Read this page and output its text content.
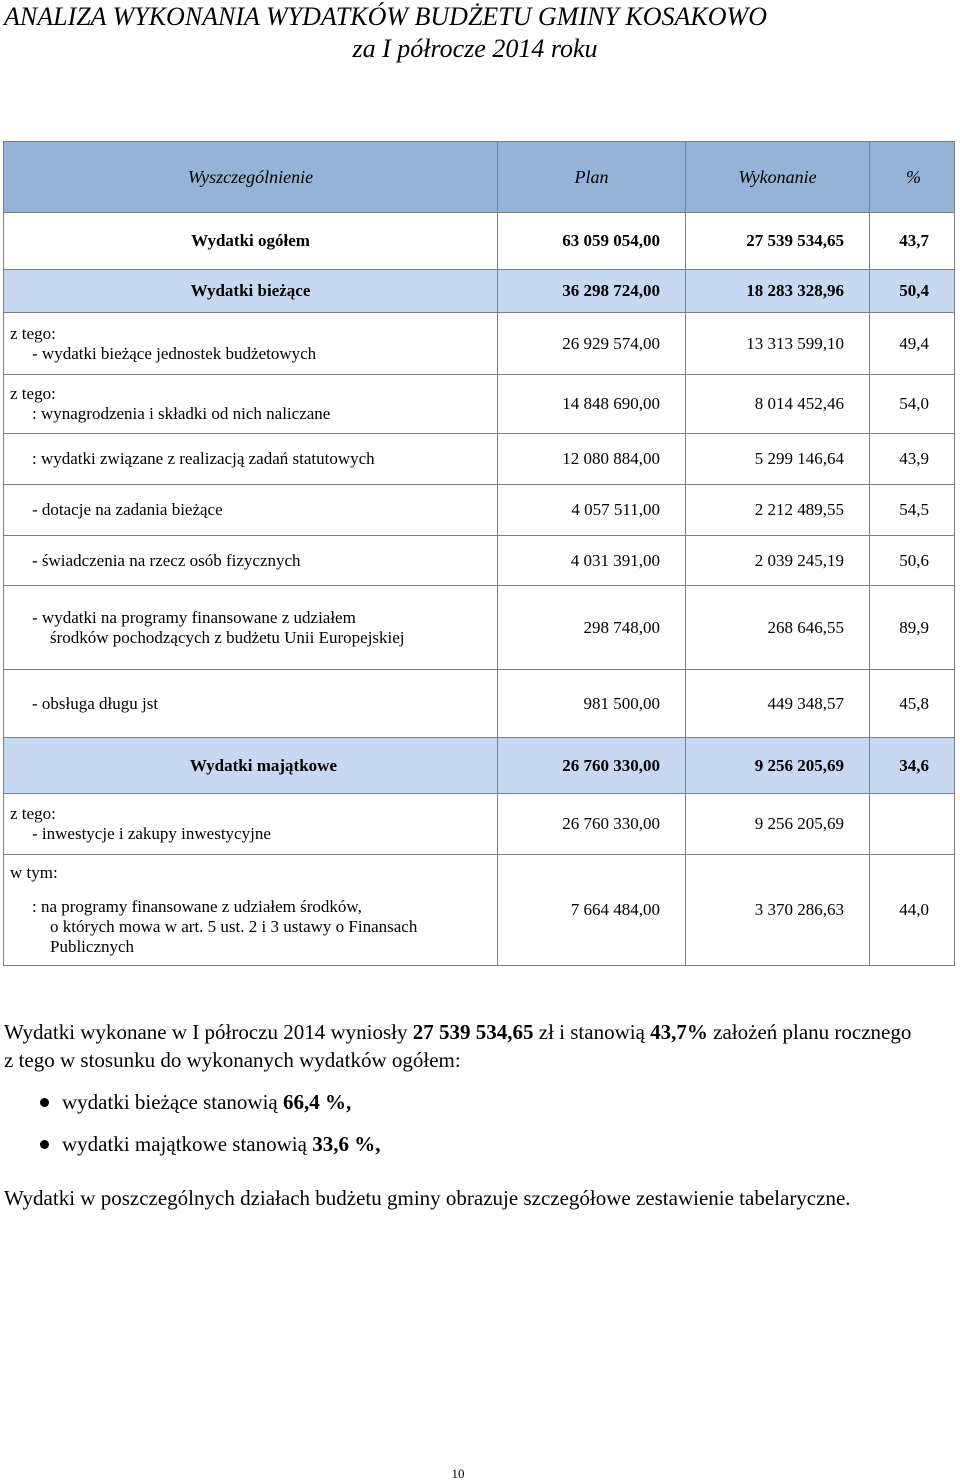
ANALIZA WYKONANIA WYDATKÓW BUDŻETU GMINY KOSAKOWO
za I półrocze 2014 roku
Wyszczególnienie	Plan	Wykonanie	%
Wydatki ogółem	63 059 054,00	27 539 534,65	43,7
Wydatki bieżące	36 298 724,00	18 283 328,96	50,4

z tego:
- wydatki bieżące jednostek budżetowych	26 929 574,00	13 313 599,10	49,4

z tego:
: wynagrodzenia i składki od nich naliczane	14 848 690,00	8 014 452,46	54,0
: wydatki związane z realizacją zadań statutowych	12 080 884,00	5 299 146,64	43,9
- dotacje na zadania bieżące	4 057 511,00	2 212 489,55	54,5
- świadczenia na rzecz osób fizycznych	4 031 391,00	2 039 245,19	50,6

- wydatki na programy finansowane z udziałem
środków pochodzących z budżetu Unii Europejskiej	298 748,00	268 646,55	89,9
- obsługa długu jst	981 500,00	449 348,57	45,8
Wydatki majątkowe	26 760 330,00	9 256 205,69	34,6

z tego:
- inwestycje i zakupy inwestycyjne	26 760 330,00	9 256 205,69	

w tym:
: na programy finansowane z udziałem środków,
o których mowa w art. 5 ust. 2 i 3 ustawy o Finansach
Publicznych	7 664 484,00	3 370 286,63	44,0

Wydatki wykonane w I półroczu 2014 wyniosły 27 539 534,65 zł i stanowią 43,7% założeń planu rocznego z tego w stosunku do wykonanych wydatków ogółem:

wydatki bieżące stanowią 66,4 %,
wydatki majątkowe stanowią 33,6 %,

Wydatki w poszczególnych działach budżetu gminy obrazuje szczegółowe zestawienie tabelaryczne.

10
